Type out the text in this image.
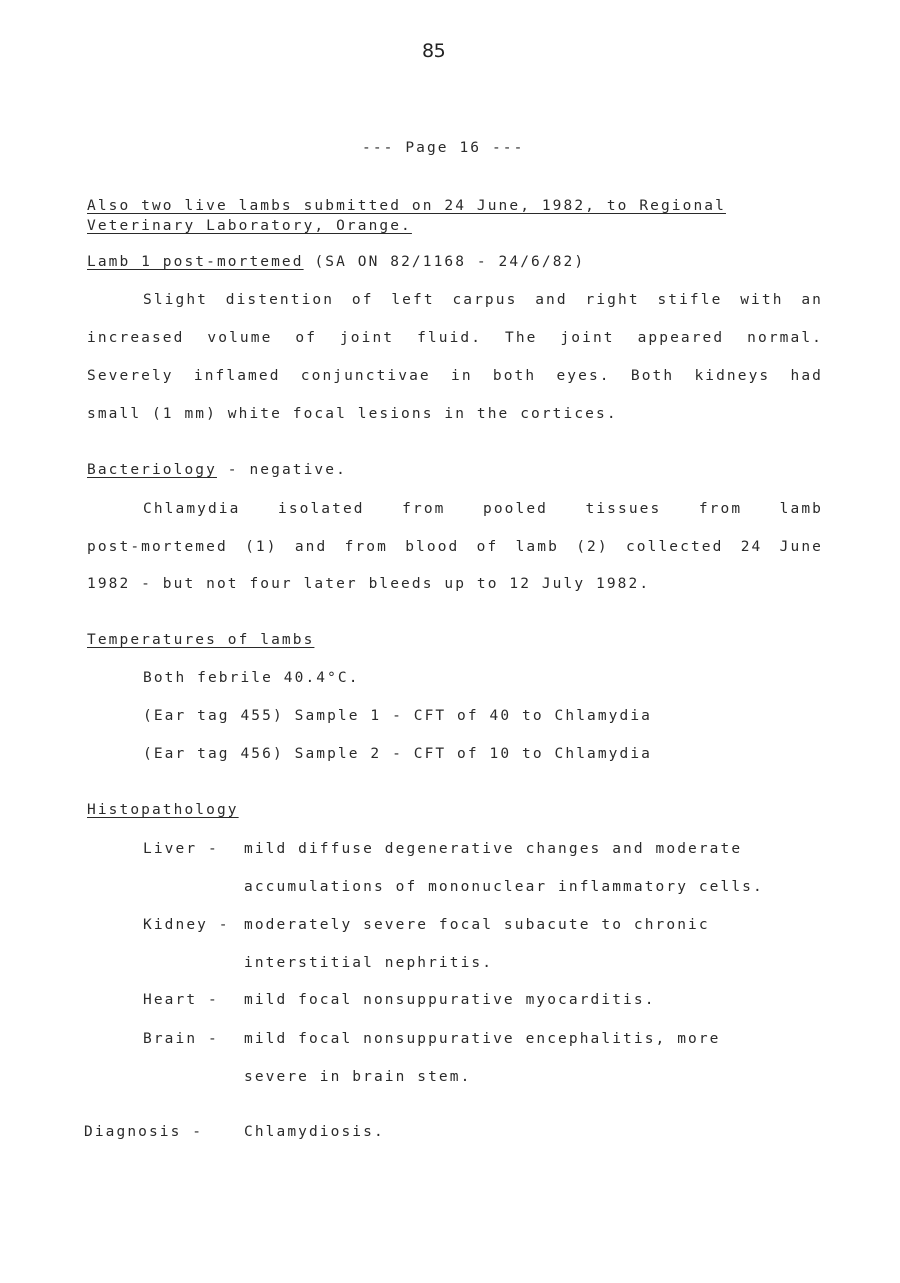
85
--- Page 16 ---
Also two live lambs submitted on 24 June, 1982, to Regional
Veterinary Laboratory, Orange.
Lamb 1 post-mortemed (SA ON 82/1168 - 24/6/82)
Slight distention of left carpus and right stifle with an
increased volume of joint fluid. The joint appeared normal.
Severely inflamed conjunctivae in both eyes. Both kidneys had
small (1 mm) white focal lesions in the cortices.
Bacteriology - negative.
Chlamydia isolated from pooled tissues from lamb
post-mortemed (1) and from blood of lamb (2) collected 24 June
1982 - but not four later bleeds up to 12 July 1982.
Temperatures of lambs
Both febrile 40.4°C.
(Ear tag 455) Sample 1 - CFT of 40 to Chlamydia
(Ear tag 456) Sample 2 - CFT of 10 to Chlamydia
Histopathology
Liver - mild diffuse degenerative changes and moderate
accumulations of mononuclear inflammatory cells.
Kidney - moderately severe focal subacute to chronic
interstitial nephritis.
Heart - mild focal nonsuppurative myocarditis.
Brain - mild focal nonsuppurative encephalitis, more
severe in brain stem.
Diagnosis -	Chlamydiosis.
